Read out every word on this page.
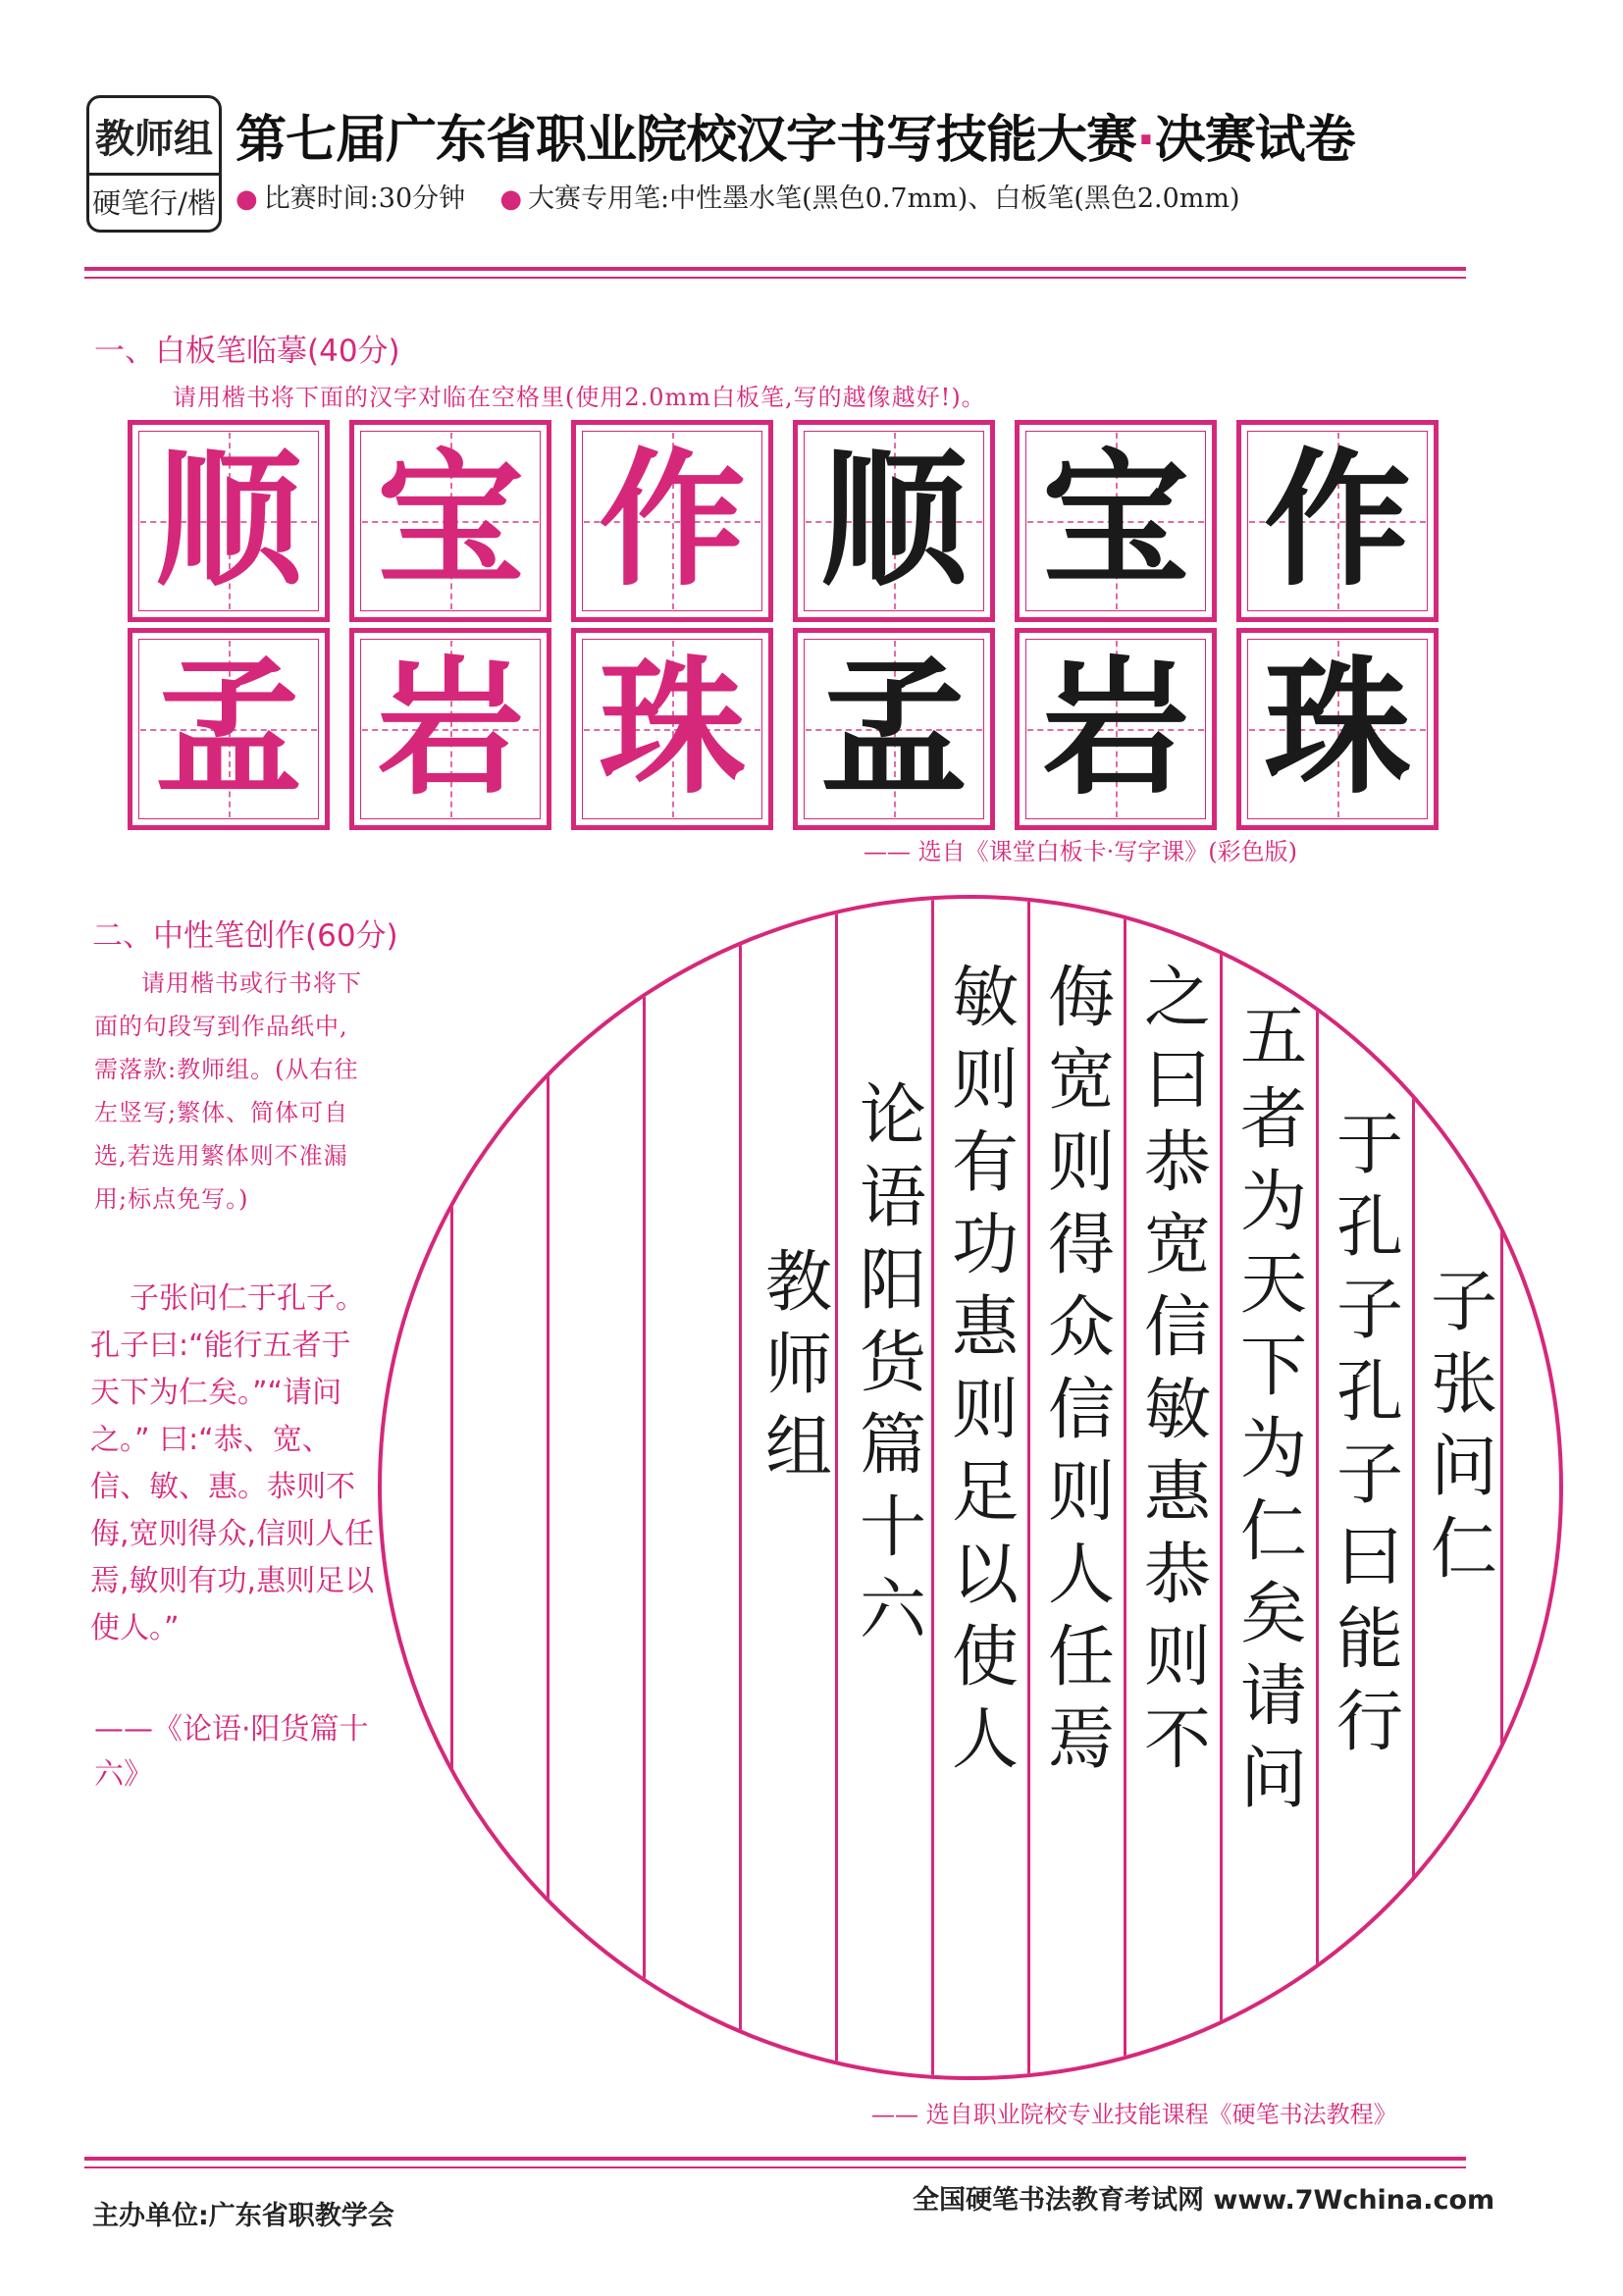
教师组
硬笔行/楷
第七届广东省职业院校汉字书写技能大赛·决赛试卷
● 比赛时间:30分钟 ● 大赛专用笔:中性墨水笔(黑色0.7mm)、白板笔(黑色2.0mm)
一、白板笔临摹(40分)
请用楷书将下面的汉字对临在空格里(使用2.0mm白板笔,写的越像越好!)。
顺 宝 作 顺 宝 作
孟 岩 珠 孟 岩 珠
—— 选自《课堂白板卡·写字课》(彩色版)
二、中性笔创作(60分)
请用楷书或行书将下面的句段写到作品纸中,需落款:教师组。(从右往左竖写;繁体、简体可自选,若选用繁体则不准漏用;标点免写。)
子张问仁于孔子。孔子曰:“能行五者于天下为仁矣。”“请问之。” 曰:“恭、宽、信、敏、惠。恭则不侮,宽则得众,信则人任焉,敏则有功,惠则足以使人。”
——《论语·阳货篇十六》
子张问仁
于孔子孔子曰能行
五者为天下为仁矣请问
之曰恭宽信敏惠恭则不
侮宽则得众信则人任焉
敏则有功惠则足以使人
论语阳货篇十六
教师组
—— 选自职业院校专业技能课程《硬笔书法教程》
主办单位:广东省职教学会
全国硬笔书法教育考试网 www.7Wchina.com
